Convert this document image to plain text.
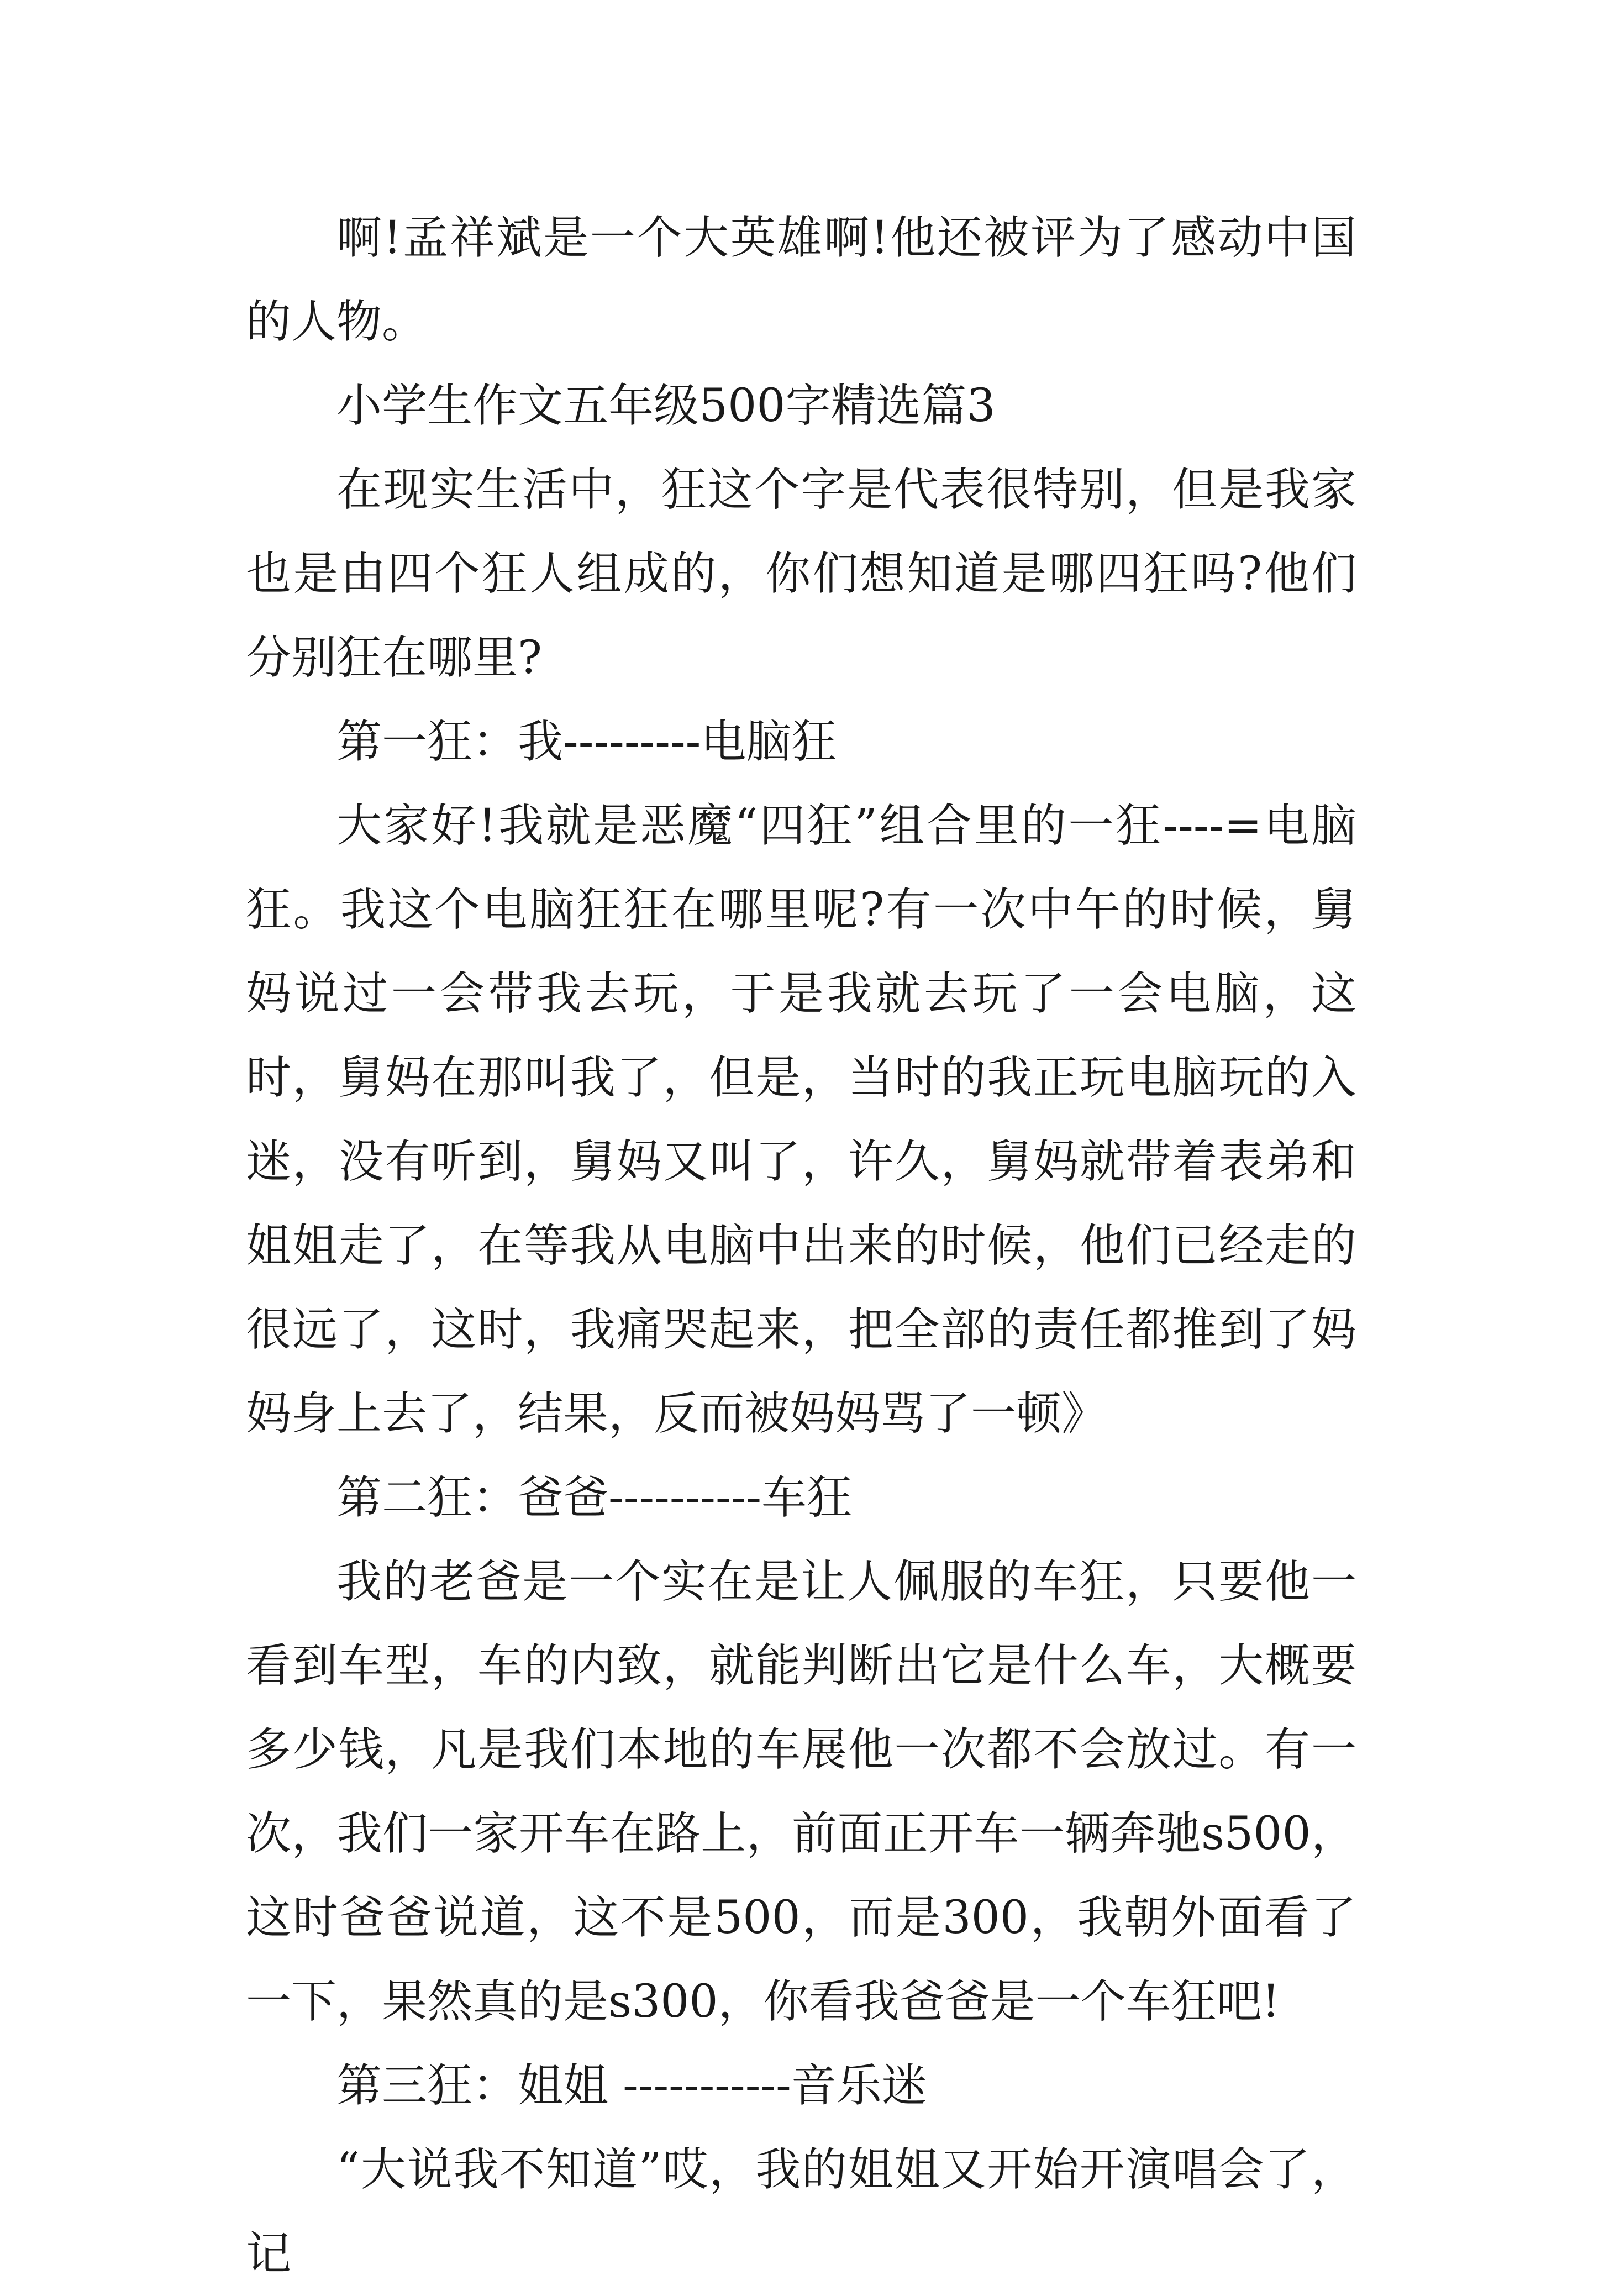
啊!孟祥斌是一个大英雄啊!他还被评为了感动中国的人物。

小学生作文五年级500字精选篇3

在现实生活中，狂这个字是代表很特别，但是我家也是由四个狂人组成的，你们想知道是哪四狂吗?他们分别狂在哪里?

第一狂：我---------电脑狂

大家好!我就是恶魔“四狂”组合里的一狂----=电脑狂。我这个电脑狂狂在哪里呢?有一次中午的时候，舅妈说过一会带我去玩，于是我就去玩了一会电脑，这时，舅妈在那叫我了，但是，当时的我正玩电脑玩的入迷，没有听到，舅妈又叫了，许久，舅妈就带着表弟和姐姐走了，在等我从电脑中出来的时候，他们已经走的很远了，这时，我痛哭起来，把全部的责任都推到了妈妈身上去了，结果，反而被妈妈骂了一顿》

第二狂：爸爸----------车狂

我的老爸是一个实在是让人佩服的车狂，只要他一看到车型，车的内致，就能判断出它是什么车，大概要多少钱，凡是我们本地的车展他一次都不会放过。有一次，我们一家开车在路上，前面正开车一辆奔驰s500，这时爸爸说道，这不是500，而是300，我朝外面看了一下，果然真的是s300，你看我爸爸是一个车狂吧!

第三狂：姐姐 -----------音乐迷

“大说我不知道”哎，我的姐姐又开始开演唱会了，记
